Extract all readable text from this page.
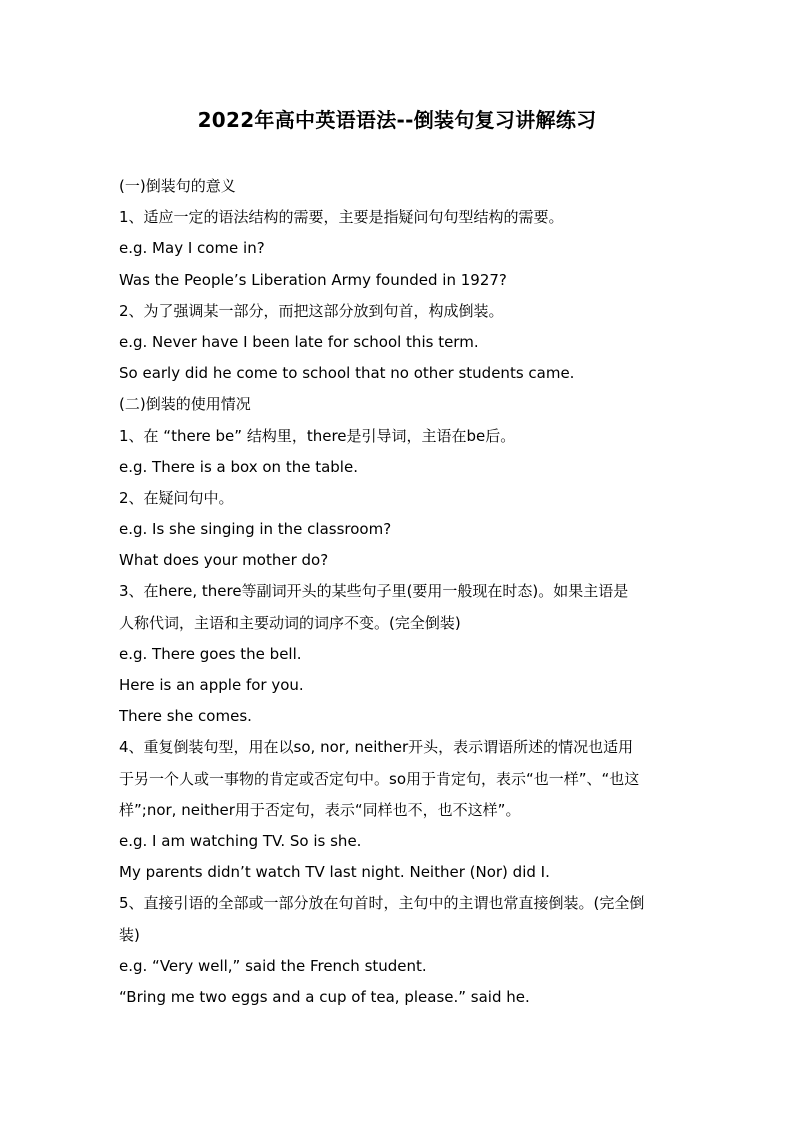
2022年高中英语语法--倒装句复习讲解练习
(一)倒装句的意义
1、适应一定的语法结构的需要，主要是指疑问句句型结构的需要。
e.g. May I come in?
Was the People’s Liberation Army founded in 1927?
2、为了强调某一部分，而把这部分放到句首，构成倒装。
e.g. Never have I been late for school this term.
So early did he come to school that no other students came.
(二)倒装的使用情况
1、在 “there be” 结构里，there是引导词，主语在be后。
e.g. There is a box on the table.
2、在疑问句中。
e.g. Is she singing in the classroom?
What does your mother do?
3、在here, there等副词开头的某些句子里(要用一般现在时态)。如果主语是
人称代词，主语和主要动词的词序不变。(完全倒装)
e.g. There goes the bell.
Here is an apple for you.
There she comes.
4、重复倒装句型，用在以so, nor, neither开头，表示谓语所述的情况也适用
于另一个人或一事物的肯定或否定句中。so用于肯定句，表示“也一样”、“也这
样”;nor, neither用于否定句，表示“同样也不，也不这样”。
e.g. I am watching TV. So is she.
My parents didn’t watch TV last night. Neither (Nor) did I.
5、直接引语的全部或一部分放在句首时，主句中的主谓也常直接倒装。(完全倒
装)
e.g. “Very well,” said the French student.
“Bring me two eggs and a cup of tea, please.” said he.
